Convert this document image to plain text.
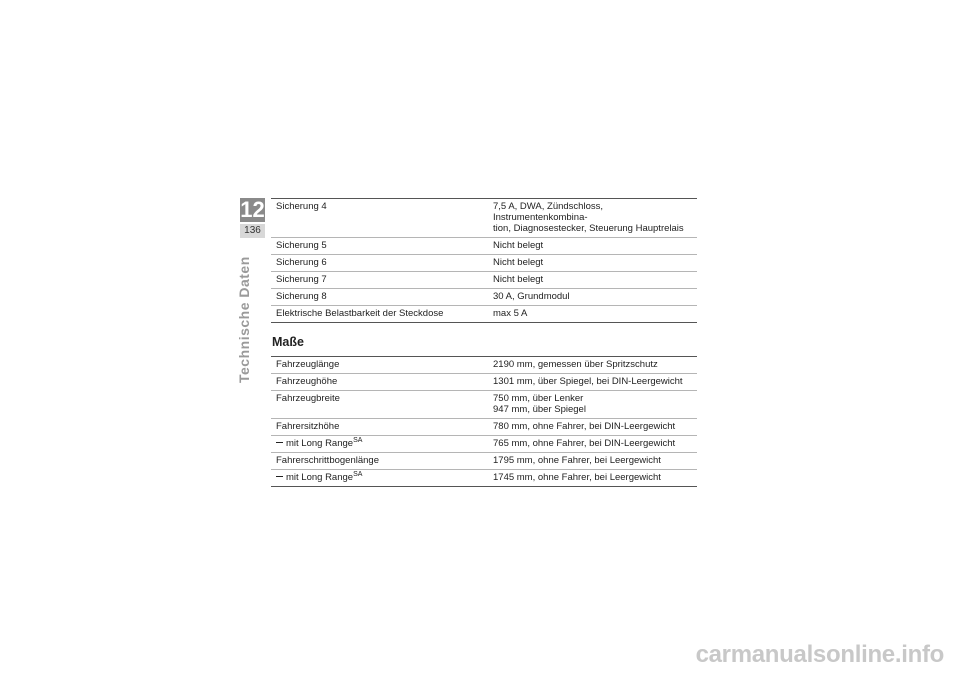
12
136
Technische Daten
Sicherung 4	7,5 A, DWA, Zündschloss, Instrumentenkombina-
tion, Diagnosestecker, Steuerung Hauptrelais
Sicherung 5	Nicht belegt
Sicherung 6	Nicht belegt
Sicherung 7	Nicht belegt
Sicherung 8	30 A, Grundmodul
Elektrische Belastbarkeit der Steckdose	max 5 A
Maße
Fahrzeuglänge	2190 mm, gemessen über Spritzschutz
Fahrzeughöhe	1301 mm, über Spiegel, bei DIN-Leergewicht
Fahrzeugbreite	750 mm, über Lenker
947 mm, über Spiegel
Fahrersitzhöhe	780 mm, ohne Fahrer, bei DIN-Leergewicht
mit Long Range$^{SA}$	765 mm, ohne Fahrer, bei DIN-Leergewicht
Fahrerschrittbogenlänge	1795 mm, ohne Fahrer, bei Leergewicht
mit Long Range$^{SA}$	1745 mm, ohne Fahrer, bei Leergewicht
carmanualsonline.info
